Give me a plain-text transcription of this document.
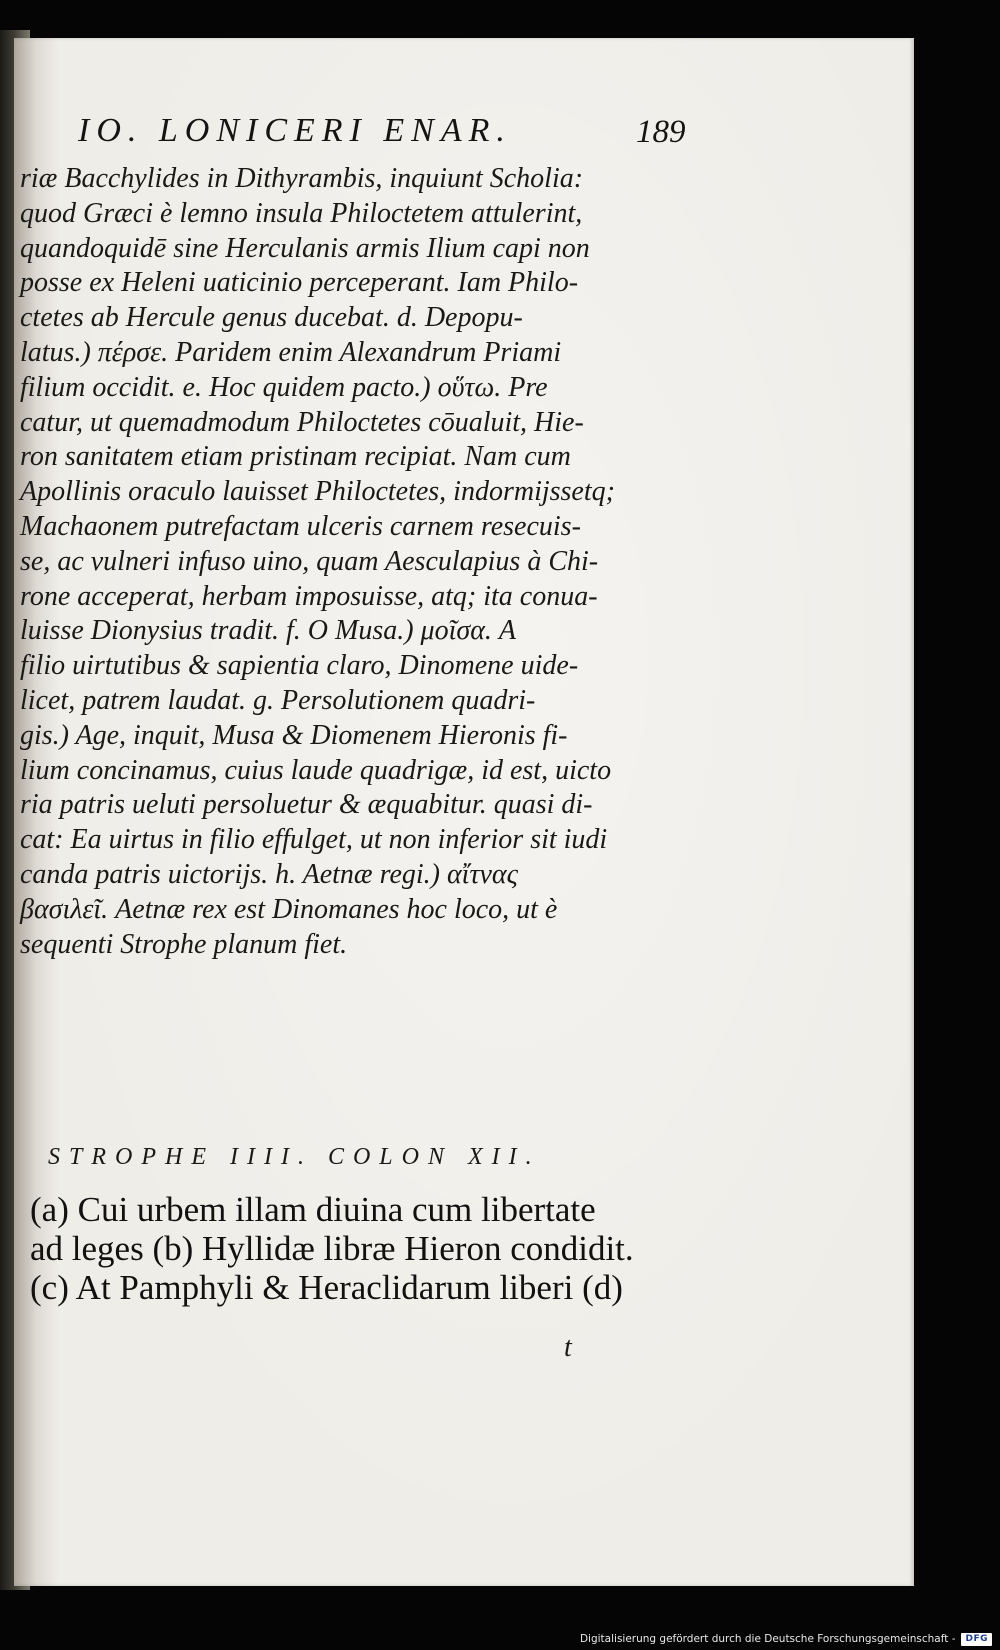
IO. LONICERI ENAR.	189
riæ Bacchylides in Dithyrambis, inquiunt Scholia:
quod Græci è lemno insula Philoctetem attulerint,
quandoquidē sine Herculanis armis Ilium capi non
posse ex Heleni uaticinio perceperant. Iam Philo-
ctetes ab Hercule genus ducebat. d. Depopu-
latus.) πέρσε. Paridem enim Alexandrum Priami
filium occidit. e. Hoc quidem pacto.) οὕτω. Pre
catur, ut quemadmodum Philoctetes cōualuit, Hie-
ron sanitatem etiam pristinam recipiat. Nam cum
Apollinis oraculo lauisset Philoctetes, indormijssetq;
Machaonem putrefactam ulceris carnem resecuis-
se, ac vulneri infuso uino, quam Aesculapius à Chi-
rone acceperat, herbam imposuisse, atq; ita conua-
luisse Dionysius tradit. f. O Musa.) μοῖσα. A
filio uirtutibus & sapientia claro, Dinomene uide-
licet, patrem laudat. g. Persolutionem quadri-
gis.) Age, inquit, Musa & Diomenem Hieronis fi-
lium concinamus, cuius laude quadrigæ, id est, uicto
ria patris ueluti persoluetur & æquabitur. quasi di-
cat: Ea uirtus in filio effulget, ut non inferior sit iudi
canda patris uictorijs. h. Aetnæ regi.) αἴτνας
βασιλεῖ. Aetnæ rex est Dinomanes hoc loco, ut è
sequenti Strophe planum fiet.
STROPHE IIII. COLON XII.
(a) Cui urbem illam diuina cum libertate
ad leges (b) Hyllidæ libræ Hieron condidit.
(c) At Pamphyli & Heraclidarum liberi (d)
t
Digitalisierung gefördert durch die Deutsche Forschungsgemeinschaft -	DFG
